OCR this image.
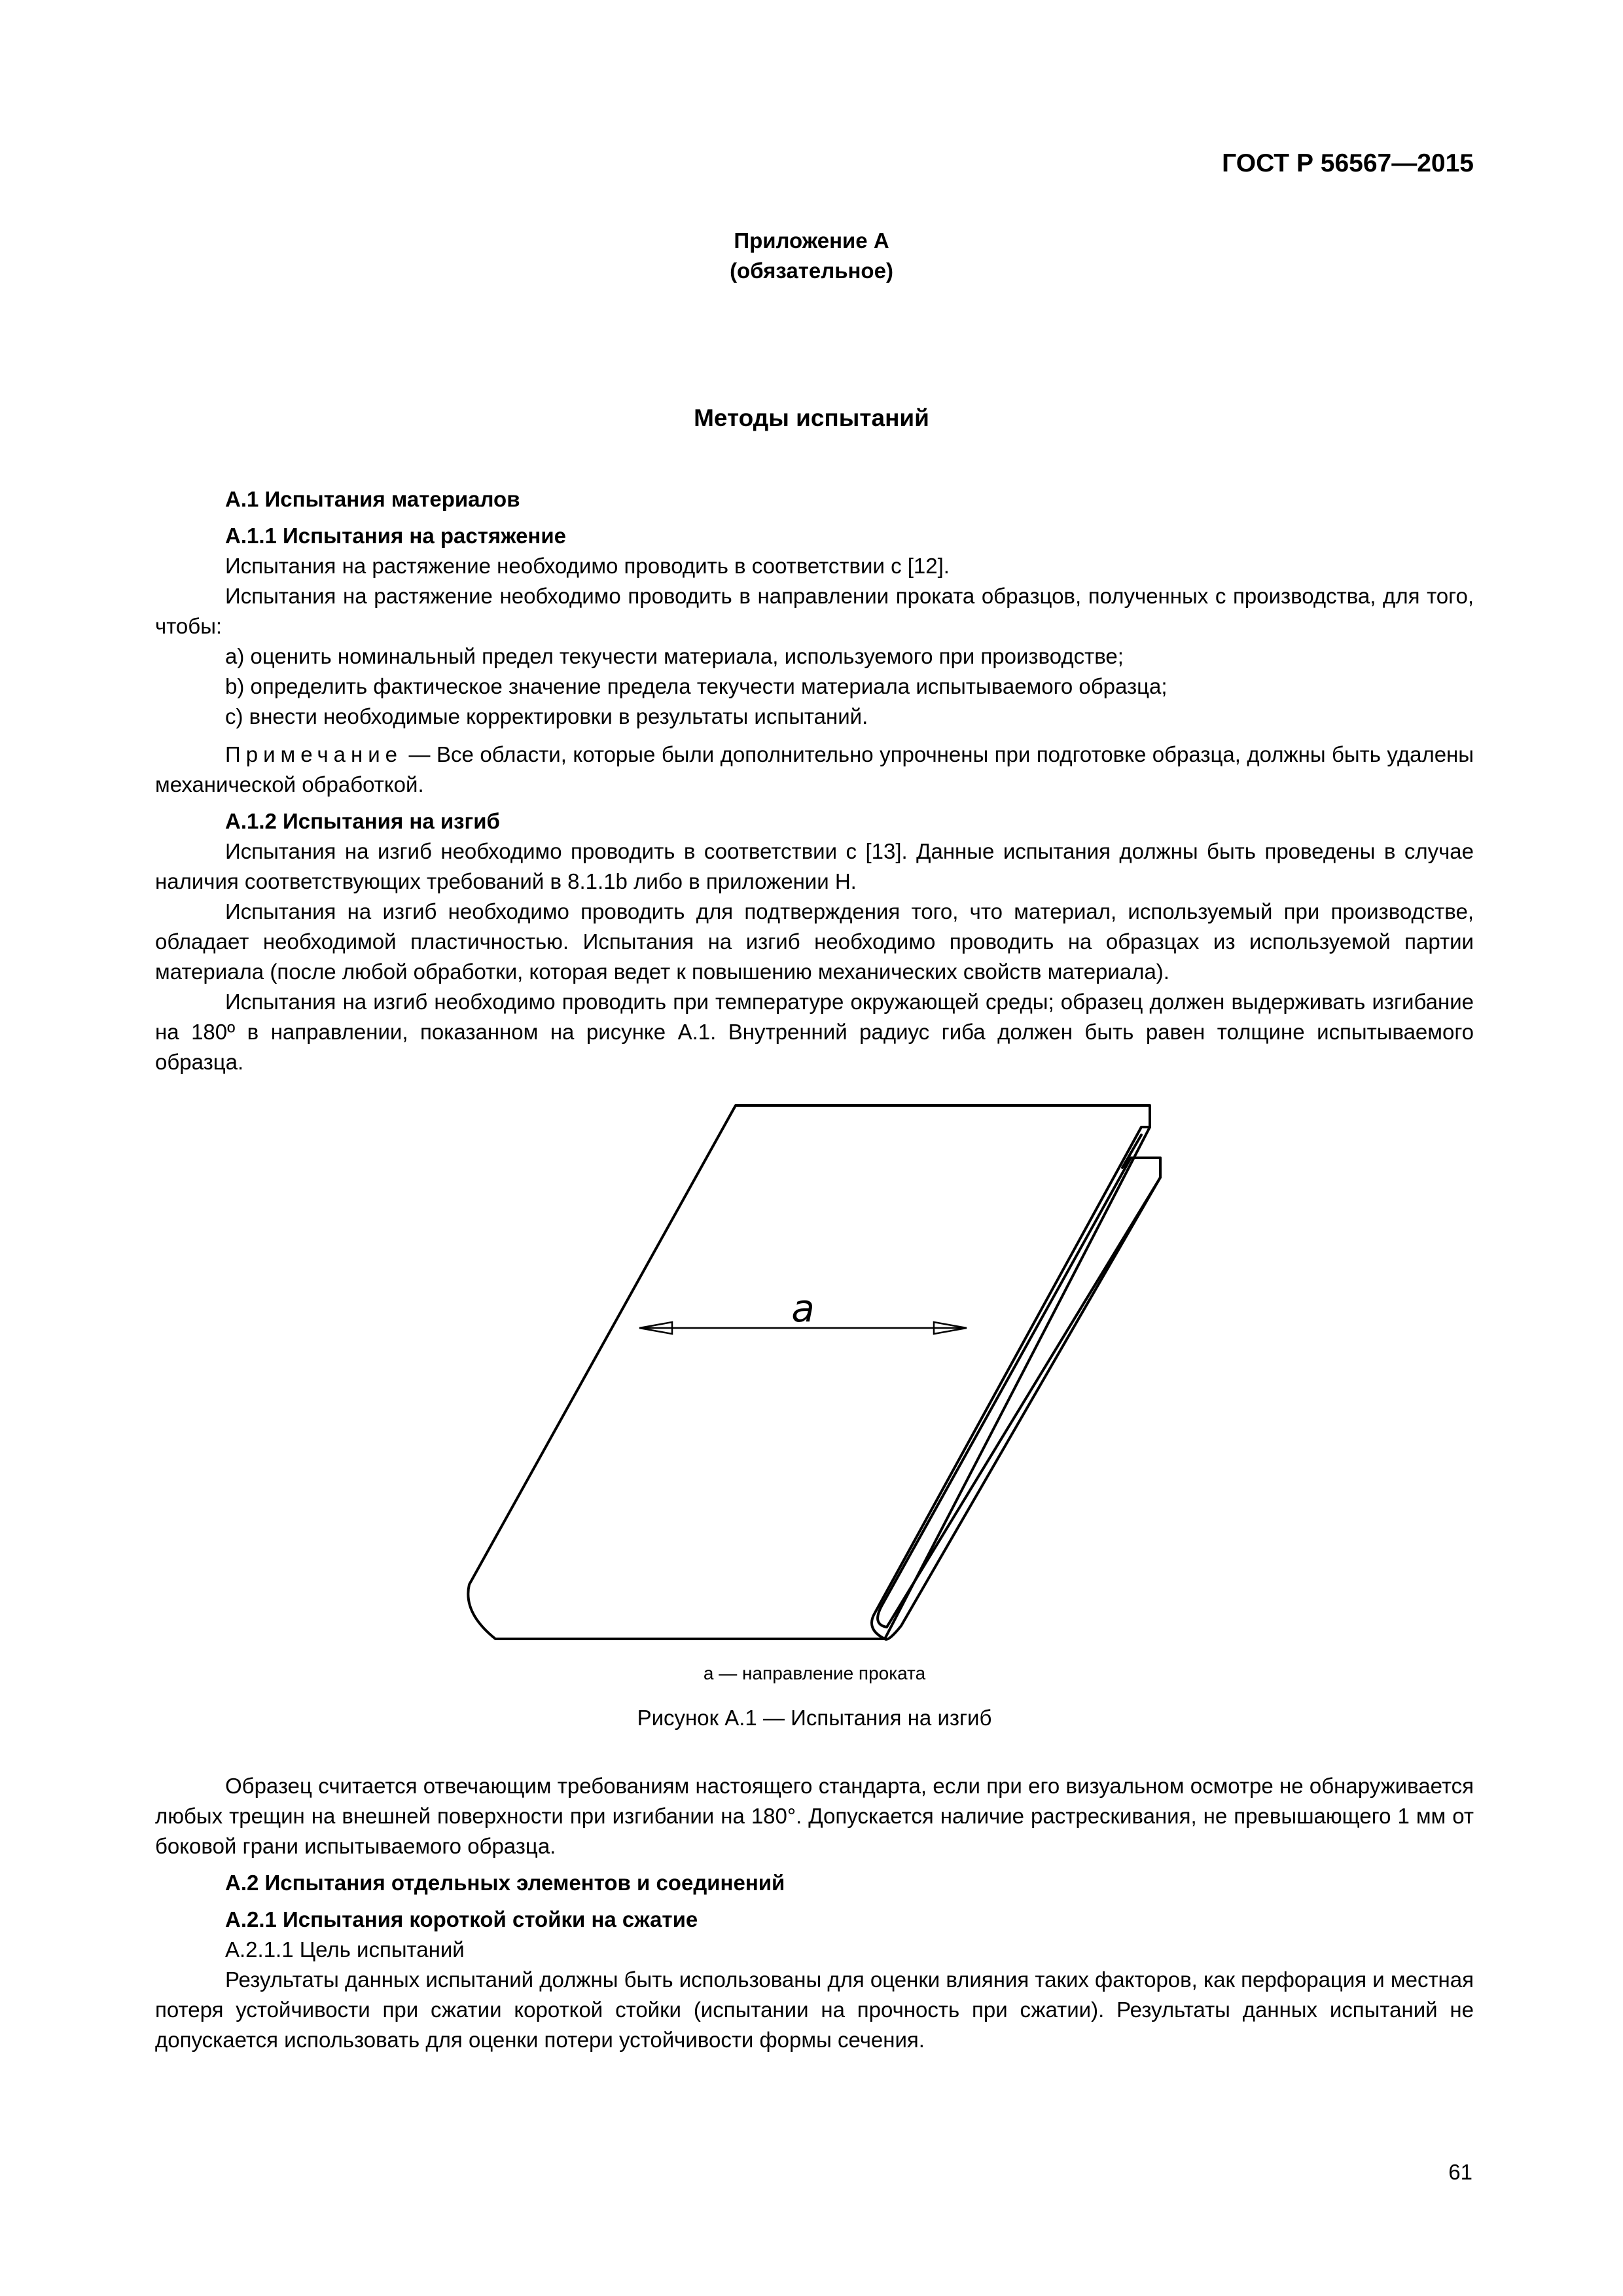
ГОСТ Р 56567—2015
Приложение А
(обязательное)
Методы испытаний

А.1 Испытания материалов

А.1.1 Испытания на растяжение

Испытания на растяжение необходимо проводить в соответствии с [12].

Испытания на растяжение необходимо проводить в направлении проката образцов, полученных с производства, для того, чтобы:

a) оценить номинальный предел текучести материала, используемого при производстве;

b) определить фактическое значение предела текучести материала испытываемого образца;

c) внести необходимые корректировки в результаты испытаний.

Примечание — Все области, которые были дополнительно упрочнены при подготовке образца, должны быть удалены механической обработкой.

А.1.2 Испытания на изгиб

Испытания на изгиб необходимо проводить в соответствии с [13]. Данные испытания должны быть проведены в случае наличия соответствующих требований в 8.1.1b либо в приложении Н.

Испытания на изгиб необходимо проводить для подтверждения того, что материал, используемый при производстве, обладает необходимой пластичностью. Испытания на изгиб необходимо проводить на образцах из используемой партии материала (после любой обработки, которая ведет к повышению механических свойств материала).

Испытания на изгиб необходимо проводить при температуре окружающей среды; образец должен выдерживать изгибание на 180º в направлении, показанном на рисунке А.1. Внутренний радиус гиба должен быть равен толщине испытываемого образца.

a
а — направление проката
Рисунок А.1 — Испытания на изгиб

Образец считается отвечающим требованиям настоящего стандарта, если при его визуальном осмотре не обнаруживается любых трещин на внешней поверхности при изгибании на 180°. Допускается наличие растрескивания, не превышающего 1 мм от боковой грани испытываемого образца.

А.2 Испытания отдельных элементов и соединений

А.2.1 Испытания короткой стойки на сжатие

А.2.1.1 Цель испытаний

Результаты данных испытаний должны быть использованы для оценки влияния таких факторов, как перфорация и местная потеря устойчивости при сжатии короткой стойки (испытании на прочность при сжатии). Результаты данных испытаний не допускается использовать для оценки потери устойчивости формы сечения.

61
